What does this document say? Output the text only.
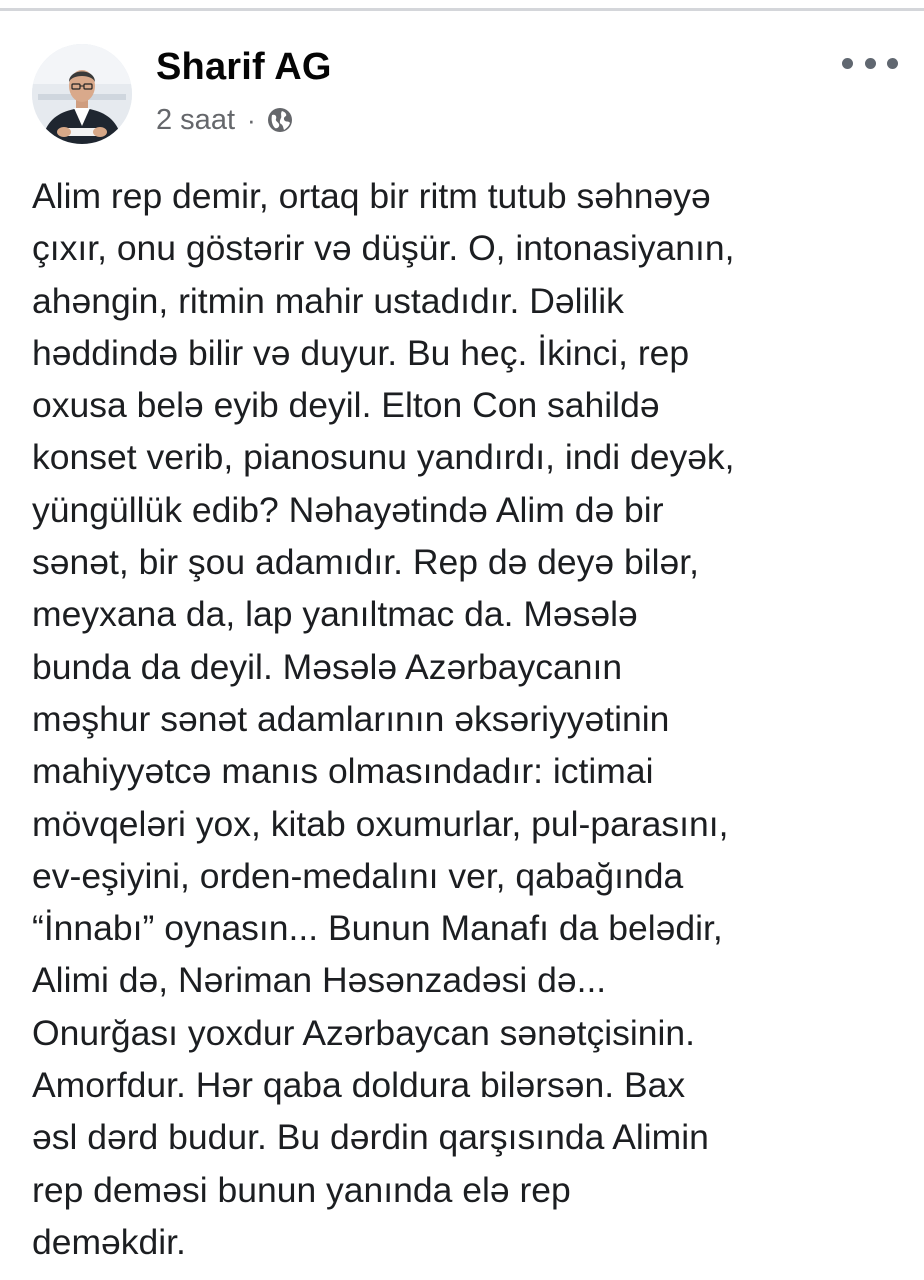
Sharif AG
2 saat ·
Alim rep demir, ortaq bir ritm tutub səhnəyə
çıxır, onu göstərir və düşür. O, intonasiyanın,
ahəngin, ritmin mahir ustadıdır. Dəlilik
həddində bilir və duyur. Bu heç. İkinci, rep
oxusa belə eyib deyil. Elton Con sahildə
konset verib, pianosunu yandırdı, indi deyək,
yüngüllük edib? Nəhayətində Alim də bir
sənət, bir şou adamıdır. Rep də deyə bilər,
meyxana da, lap yanıltmac da. Məsələ
bunda da deyil. Məsələ Azərbaycanın
məşhur sənət adamlarının əksəriyyətinin
mahiyyətcə manıs olmasındadır: ictimai
mövqeləri yox, kitab oxumurlar, pul-parasını,
ev-eşiyini, orden-medalını ver, qabağında
“İnnabı” oynasın... Bunun Manafı da belədir,
Alimi də, Nəriman Həsənzadəsi də...
Onurğası yoxdur Azərbaycan sənətçisinin.
Amorfdur. Hər qaba doldura bilərsən. Bax
əsl dərd budur. Bu dərdin qarşısında Alimin
rep deməsi bunun yanında elə rep
deməkdir.
